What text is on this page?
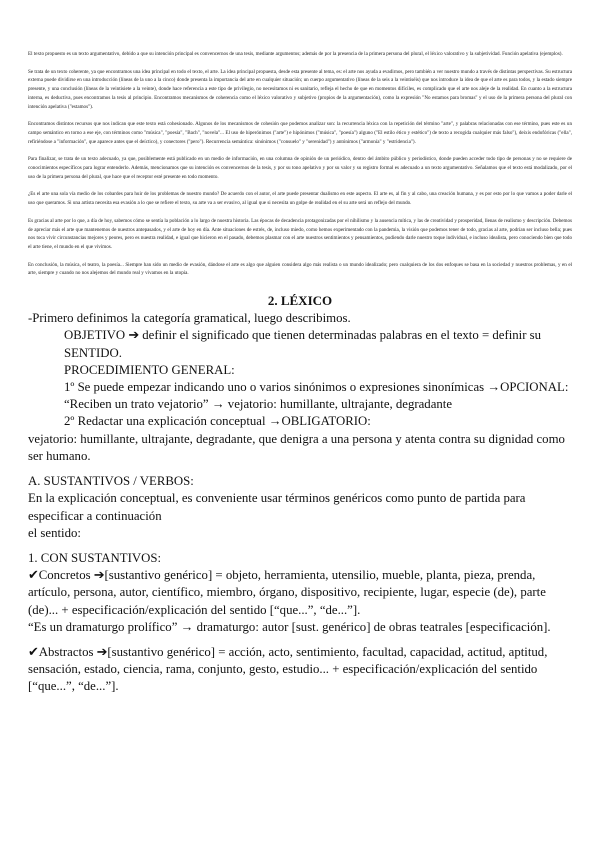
El texto propuesto es un texto argumentativo, debido a que su intención principal es convencernos de una tesis, mediante argumentos; además de por la presencia de la primera persona del plural, el léxico valorativo y la subjetividad. Función apelativa (ejemplos).

Se trata de un texto coherente, ya que encontramos una idea principal en todo el texto, el arte. La idea principal propuesta, desde esta presente al tema, es: el arte nos ayuda a evadirnos, pero también a ver nuestro mundo a través de distintas perspectivas. Su estructura externa puede dividirse en una introducción (líneas de la uno a la cinco) donde presenta la importancia del arte en cualquier situación; un cuerpo argumentativo (líneas de la seis a la veintiséis) que nos introduce la idea de que el arte es para todos, y la estado siempre presente, y una conclusión (líneas de la veintisiete a la veinte), donde hace referencia a este tipo de privilegio, no necesitamos ni es sanitario, refleja el hecho de que en momentos difíciles, es complicado que el arte nos aleje de la realidad. En cuanto a la estructura interna, es deductiva, pues encontramos la tesis al principio. Encontramos mecanismos de coherencia como el léxico valorativo y subjetivo (propios de la argumentación), como la expresión "No estamos para bromas" y el uso de la primera persona del plural con intención apelativa ("estamos").

Encontramos distintos recursos que nos indican que este texto está cohesionado. Algunos de los mecanismos de cohesión que podemos analizar son: la recurrencia léxica con la repetición del término "arte", y palabras relacionadas con ese término, pues este es un campo semántico en torno a ese eje, con términos como "música", "poesía", "Bach", "novela"... El uso de hiperónimos ("arte") e hipónimos ("música", "poesía") alguno ("El estilo ético y estético") de texto a recogida cualquier más falso"), deixis endofóricas ("ella", refiriéndose a "información", que aparece antes que el deíctico), y conectores ("pero"). Recurrencia semántica: sinónimos ("consuelo" y "serenidad") y antónimos ("armonía" y "estridencia").

Para finalizar, se trata de un texto adecuado, ya que, posiblemente está publicado en un medio de información, en una columna de opinión de un periódico, dentro del ámbito público y periodístico, donde pueden acceder todo tipo de personas y no se requiere de conocimientos específicos para lograr entenderlo. Además, mencionamos que su intención es convencernos de la tesis, y por su tono apelativo y por su valor y su registro formal es adecuado a un texto argumentativo. Señalamos que el texto está modalizado, por el uso de la primera persona del plural, que hace que el receptor esté presente en todo momento.

¿Es el arte una sola vía medio de los cobardes para huir de los problemas de nuestro mundo? De acuerdo con el autor, el arte puede presentar dualismo en este aspecto. El arte es, al fin y al cabo, una creación humana, y es por esto por lo que vamos a poder darle el uso que queramos. Si una artista necesita esa evasión a lo que se refiere el texto, su arte va a ser evasivo, al igual que si necesita un golpe de realidad en el su arte será un reflejo del mundo.

Es gracias al arte por lo que, a día de hoy, sabemos cómo se sentía la población a lo largo de nuestra historia. Las épocas de decadencia protagonizadas por el nihilismo y la ausencia mítica, y las de creatividad y prosperidad, llenas de realismo y descripción. Debemos de apreciar más el arte que mantenemos de nuestros antepasados, y el arte de hoy en día. Ante situaciones de estrés, de, incluso miedo, como hemos experimentado con la pandemia, la visión que podemos tener de todo, gracias al arte, podrían ser incluso bella; pues nos toca vivir circunstancias mejores y peores, pero es nuestra realidad, e igual que hicieron en el pasado, debemos plasmar con el arte nuestros sentimientos y pensamientos, pudiendo darle nuestro toque individual, e incluso idealista, pero conociendo bien que todo el arte tiene, el mundo en el que vivimos.

En conclusión, la música, el teatro, la poesía... Siempre han sido un medio de evasión, dándose el arte es algo que alguien considera algo más realista o un mundo idealizado; pero cualquiera de los dos enfoques se basa en la sociedad y nuestros problemas, y en el arte, siempre y cuando no nos alejemos del mundo real y vivamos en la utopía.

2. LÉXICO

-Primero definimos la categoría gramatical, luego describimos.

OBJETIVO ➔ definir el significado que tienen determinadas palabras en el texto = definir su SENTIDO.

PROCEDIMIENTO GENERAL:

1º Se puede empezar indicando uno o varios sinónimos o expresiones sinonímicas →OPCIONAL:

“Reciben un trato vejatorio” → vejatorio: humillante, ultrajante, degradante

2º Redactar una explicación conceptual →OBLIGATORIO:

vejatorio: humillante, ultrajante, degradante, que denigra a una persona y atenta contra su dignidad como ser humano.

A. SUSTANTIVOS / VERBOS:

En la explicación conceptual, es conveniente usar términos genéricos como punto de partida para especificar a continuación

el sentido:

1. CON SUSTANTIVOS:

✔Concretos ➔[sustantivo genérico] = objeto, herramienta, utensilio, mueble, planta, pieza, prenda, artículo, persona, autor, científico, miembro, órgano, dispositivo, recipiente, lugar, especie (de), parte (de)... + especificación/explicación del sentido [“que...”, “de...”].

“Es un dramaturgo prolífico” → dramaturgo: autor [sust. genérico] de obras teatrales [especificación].

✔Abstractos ➔[sustantivo genérico] = acción, acto, sentimiento, facultad, capacidad, actitud, aptitud, sensación, estado, ciencia, rama, conjunto, gesto, estudio... + especificación/explicación del sentido [“que...”, “de...”].
